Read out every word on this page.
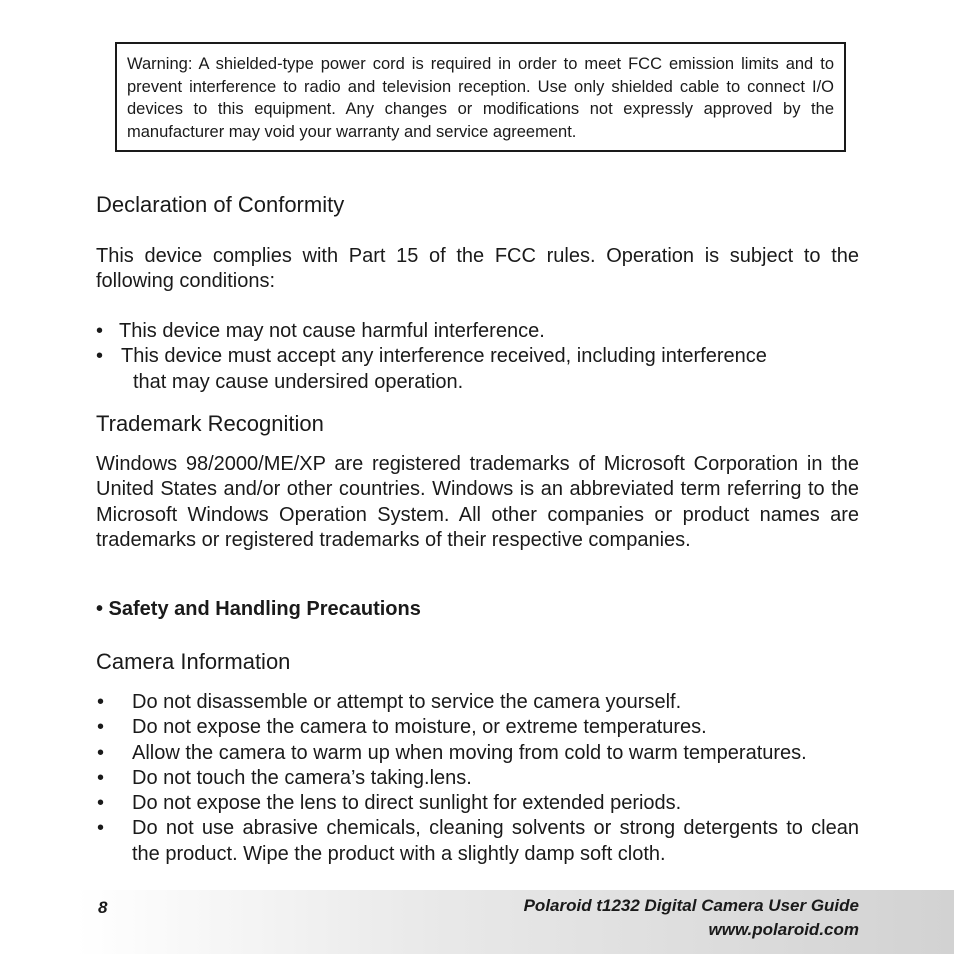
Warning: A shielded-type power cord is required in order to meet FCC emission limits and to prevent interference to radio and television reception. Use only shielded cable to connect I/O devices to this equipment. Any changes or modifications not expressly approved by the manufacturer may void your warranty and service agreement.
Declaration of Conformity

This device complies with Part 15 of the FCC rules. Operation is subject to the following conditions:

• This device may not cause harmful interference.
• This device must accept any interference received, including interference
that may cause undersired operation.
Trademark Recognition

Windows 98/2000/ME/XP are registered trademarks of Microsoft Corporation in the United States and/or other countries. Windows is an abbreviated term referring to the Microsoft Windows Operation System. All other companies or product names are trademarks or registered trademarks of their respective companies.

• Safety and Handling Precautions
Camera Information
• Do not disassemble or attempt to service the camera yourself.
• Do not expose the camera to moisture, or extreme temperatures.
• Allow the camera to warm up when moving from cold to warm temperatures.
• Do not touch the camera’s taking.lens.
• Do not expose the lens to direct sunlight for extended periods.
• Do not use abrasive chemicals, cleaning solvents or strong detergents to clean the product. Wipe the product with a slightly damp soft cloth.
8	Polaroid t1232 Digital Camera User Guide
www.polaroid.com
